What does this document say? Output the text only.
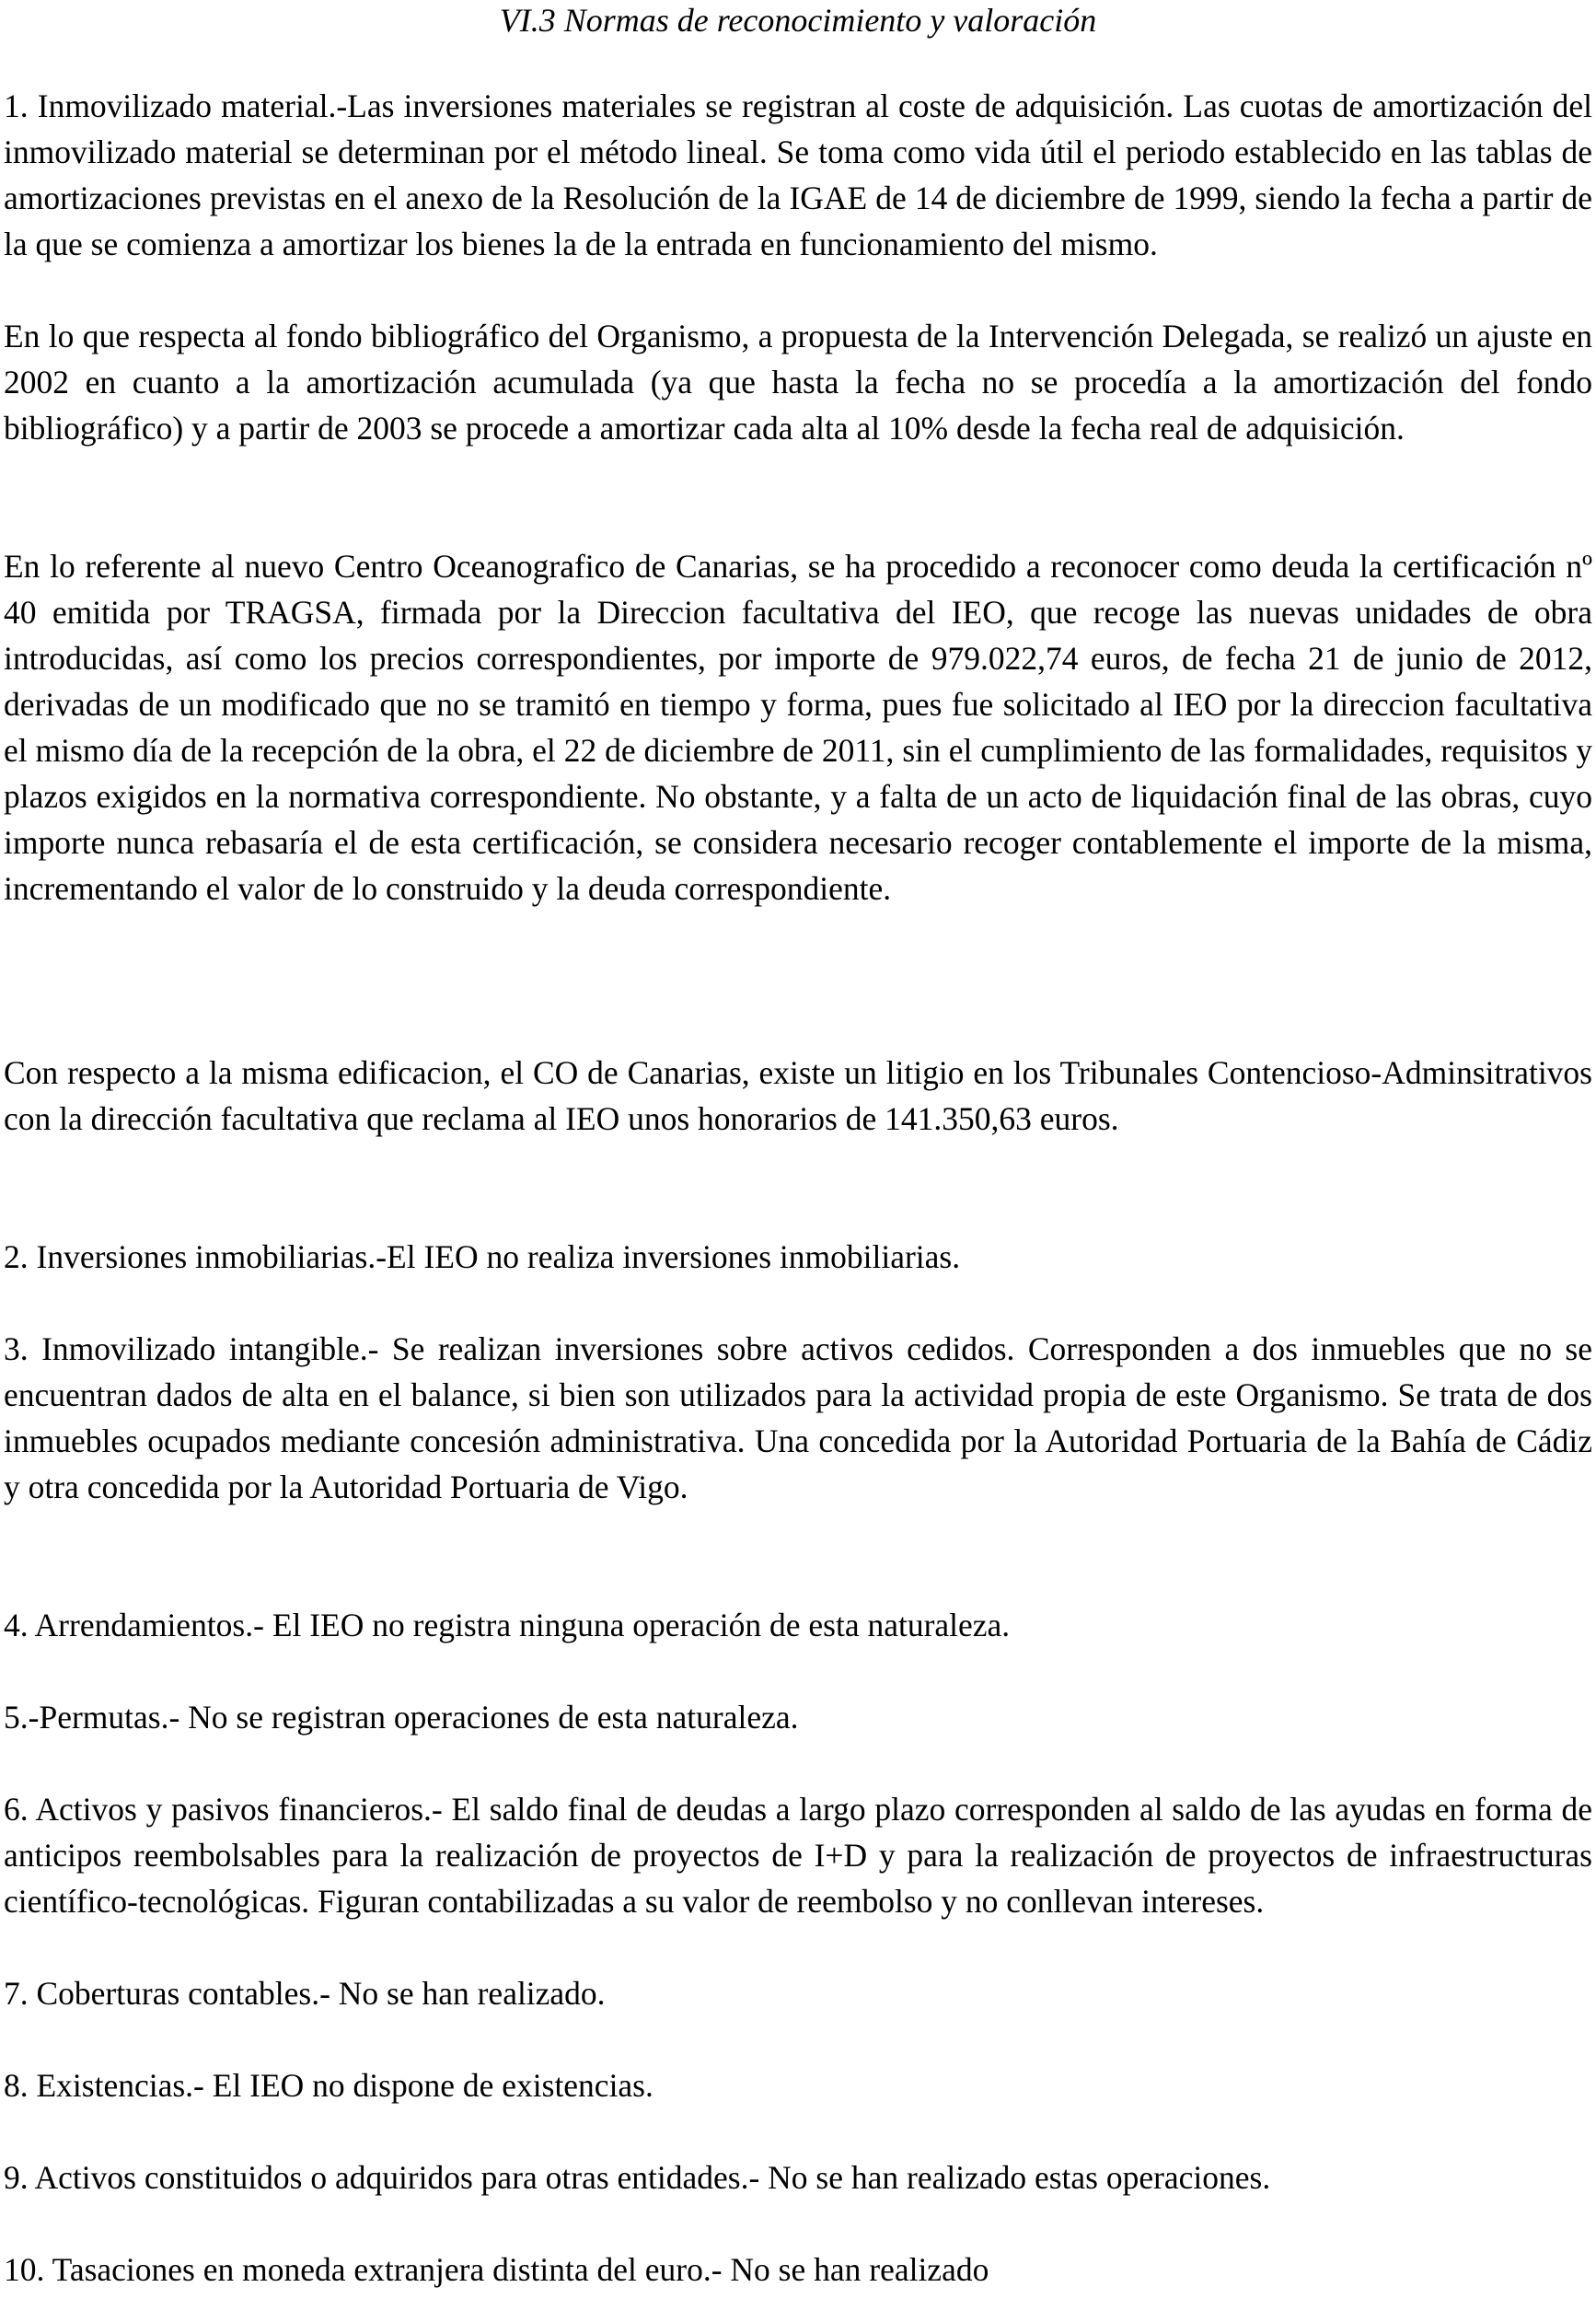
VI.3 Normas de reconocimiento y valoración

1. Inmovilizado material.-Las inversiones materiales se registran al coste de adquisición. Las cuotas de amortización del inmovilizado material se determinan por el método lineal. Se toma como vida útil el periodo establecido en las tablas de amortizaciones previstas en el anexo de la Resolución de la IGAE de 14 de diciembre de 1999, siendo la fecha a partir de la que se comienza a amortizar los bienes la de la entrada en funcionamiento del mismo.

En lo que respecta al fondo bibliográfico del Organismo, a propuesta de la Intervención Delegada, se realizó un ajuste en 2002 en cuanto a la amortización acumulada (ya que hasta la fecha no se procedía a la amortización del fondo bibliográfico) y a partir de 2003 se procede a amortizar cada alta al 10% desde la fecha real de adquisición.

En lo referente al nuevo Centro Oceanografico de Canarias, se ha procedido a reconocer como deuda la certificación nº 40 emitida por TRAGSA, firmada por la Direccion facultativa del IEO, que recoge las nuevas unidades de obra introducidas, así como los precios correspondientes, por importe de 979.022,74 euros, de fecha 21 de junio de 2012, derivadas de un modificado que no se tramitó en tiempo y forma, pues fue solicitado al IEO por la direccion facultativa el mismo día de la recepción de la obra, el 22 de diciembre de 2011, sin el cumplimiento de las formalidades, requisitos y plazos exigidos en la normativa correspondiente. No obstante, y a falta de un acto de liquidación final de las obras, cuyo importe nunca rebasaría el de esta certificación, se considera necesario recoger contablemente el importe de la misma, incrementando el valor de lo construido y la deuda correspondiente.

Con respecto a la misma edificacion, el CO de Canarias, existe un litigio en los Tribunales Contencioso-Adminsitrativos con la dirección facultativa que reclama al IEO unos honorarios de 141.350,63 euros.

2. Inversiones inmobiliarias.-El IEO no realiza inversiones inmobiliarias.

3. Inmovilizado intangible.- Se realizan inversiones sobre activos cedidos. Corresponden a dos inmuebles que no se encuentran dados de alta en el balance, si bien son utilizados para la actividad propia de este Organismo. Se trata de dos inmuebles ocupados mediante concesión administrativa. Una concedida por la Autoridad Portuaria de la Bahía de Cádiz y otra concedida por la Autoridad Portuaria de Vigo.

4. Arrendamientos.- El IEO no registra ninguna operación de esta naturaleza.

5.-Permutas.- No se registran operaciones de esta naturaleza.

6. Activos y pasivos financieros.- El saldo final de deudas a largo plazo corresponden al saldo de las ayudas en forma de anticipos reembolsables para la realización de proyectos de I+D y para la realización de proyectos de infraestructuras científico-tecnológicas. Figuran contabilizadas a su valor de reembolso y no conllevan intereses.

7. Coberturas contables.- No se han realizado.

8. Existencias.- El IEO no dispone de existencias.

9. Activos constituidos o adquiridos para otras entidades.- No se han realizado estas operaciones.

10. Tasaciones en moneda extranjera distinta del euro.- No se han realizado
